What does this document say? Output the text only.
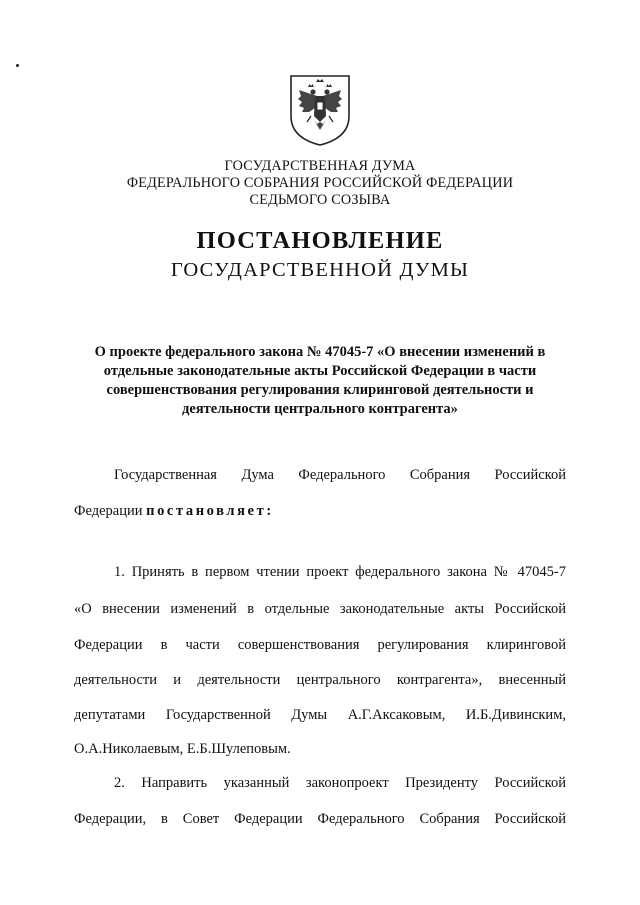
ГОСУДАРСТВЕННАЯ ДУМА
ФЕДЕРАЛЬНОГО СОБРАНИЯ РОССИЙСКОЙ ФЕДЕРАЦИИ
СЕДЬМОГО СОЗЫВА
ПОСТАНОВЛЕНИЕ
ГОСУДАРСТВЕННОЙ ДУМЫ
О проекте федерального закона № 47045-7 «О внесении изменений в
отдельные законодательные акты Российской Федерации в части
совершенствования регулирования клиринговой деятельности и
деятельности центрального контрагента»
Государственная Дума Федерального Собрания Российской
Федерации постановляет:
1. Принять в первом чтении проект федерального закона № 47045-7
«О внесении изменений в отдельные законодательные акты Российской
Федерации в части совершенствования регулирования клиринговой
деятельности и деятельности центрального контрагента», внесенный
депутатами Государственной Думы А.Г.Аксаковым, И.Б.Дивинским,
О.А.Николаевым, Е.Б.Шулеповым.
2. Направить указанный законопроект Президенту Российской
Федерации, в Совет Федерации Федерального Собрания Российской
